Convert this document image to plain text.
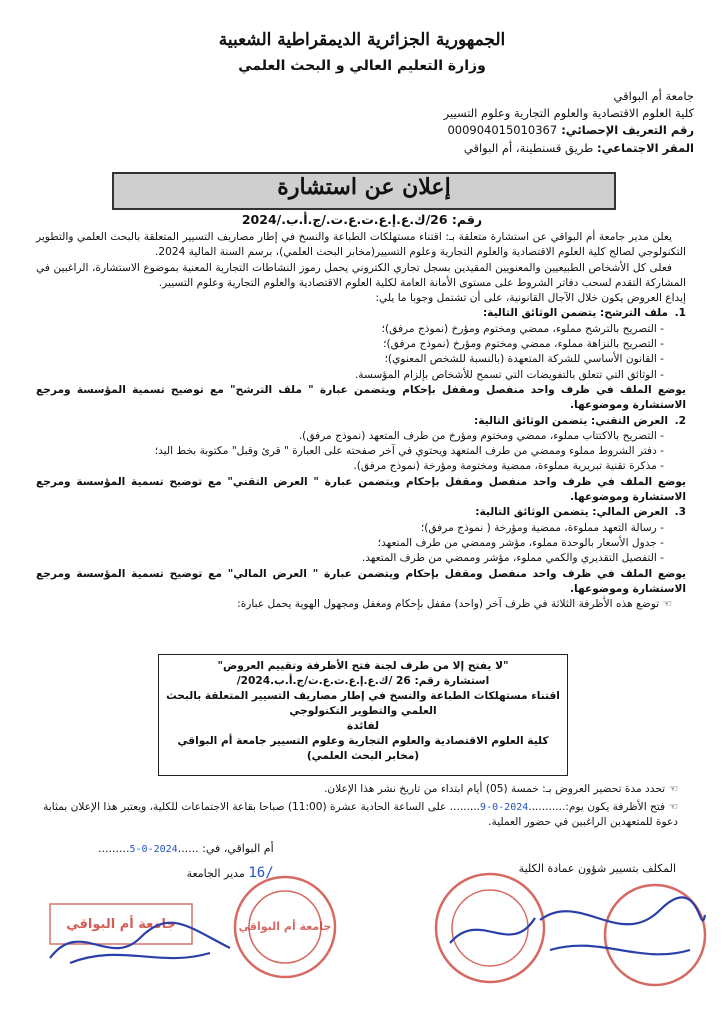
الجمهورية الجزائرية الديمقراطية الشعبية
وزارة التعليم العالي و البحث العلمي
جامعة أم البواقي
كلية العلوم الاقتصادية والعلوم التجارية وعلوم التسيير
رقم التعريف الإحصائي: 000904015010367
المقر الاجتماعي: طريق قسنطينة، أم البواقي
إعلان عن استشارة
رقم: 26/ك.ع.إ.ع.ت.ع.ت./ج.أ.ب./2024

يعلن مدير جامعة أم البواقي عن استشارة متعلقة بـ: اقتناء مستهلكات الطباعة والنسخ في إطار مصاريف التسيير المتعلقة بالبحث العلمي والتطوير التكنولوجي لصالح كلية العلوم الاقتصادية والعلوم التجارية وعلوم التسيير(مخابر البحث العلمي)، برسم السنة المالية 2024.

فعلى كل الأشخاص الطبيعيين والمعنويين المقيدين بسجل تجاري الكتروني يحمل رموز النشاطات التجارية المعنية بموضوع الاستشارة، الراغبين في المشاركة التقدم لسحب دفاتر الشروط على مستوى الأمانة العامة لكلية العلوم الاقتصادية والعلوم التجارية وعلوم التسيير.

إيداع العروض يكون خلال الآجال القانونية، على أن تشتمل وجوبا ما يلي:

1.ملف الترشح: يتضمن الوثائق التالية:

- التصريح بالترشح مملوء، ممضي ومختوم ومؤرخ (نموذج مرفق)؛

- التصريح بالنزاهة مملوء، ممضي ومختوم ومؤرخ (نموذج مرفق)؛

- القانون الأساسي للشركة المتعهدة (بالنسبة للشخص المعنوي)؛

- الوثائق التي تتعلق بالتفويضات التي تسمح للأشخاص بإلزام المؤسسة.

يوضع الملف في ظرف واحد منفصل ومقفل بإحكام ويتضمن عبارة " ملف الترشح" مع توضيح تسمية المؤسسة ومرجع الاستشارة وموضوعها.

2.العرض التقني: يتضمن الوثائق التالية:

- التصريح بالاكتتاب مملوء، ممضي ومختوم ومؤرخ من طرف المتعهد (نموذج مرفق).

- دفتر الشروط مملوء وممضي من طرف المتعهد ويحتوي في آخر صفحته على العبارة " قرئ وقبل" مكتوبة بخط اليد؛

- مذكرة تقنية تبريرية مملوءة، ممضية ومختومة ومؤرخة (نموذج مرفق).

يوضع الملف في ظرف واحد منفصل ومقفل بإحكام ويتضمن عبارة " العرض التقني" مع توضيح تسمية المؤسسة ومرجع الاستشارة وموضوعها.

3.العرض المالي: يتضمن الوثائق التالية:

- رسالة التعهد مملوءة، ممضية ومؤرخة ( نموذج مرفق)؛

- جدول الأسعار بالوحدة مملوء، مؤشر وممضي من طرف المتعهد؛

- التفصيل التقديري والكمي مملوء، مؤشر وممضي من طرف المتعهد.

يوضع الملف في ظرف واحد منفصل ومقفل بإحكام ويتضمن عبارة " العرض المالي" مع توضيح تسمية المؤسسة ومرجع الاستشارة وموضوعها.

☜ توضع هذه الأظرفة الثلاثة في ظرف آخر (واحد) مقفل بإحكام ومغفل ومجهول الهوية يحمل عبارة:

"لا يفتح إلا من طرف لجنة فتح الأظرفة وتقييم العروض"

استشارة رقم: 26 /ك.ع.إ.ع.ت.ع.ت/ج.أ.ب.2024/

اقتناء مستهلكات الطباعة والنسخ في إطار مصاريف التسيير المتعلقة بالبحث العلمي والتطوير التكنولوجي

لفائدة

كلية العلوم الاقتصادية والعلوم التجارية وعلوم التسيير جامعة أم البواقي

(مخابر البحث العلمي)

☜ تحدد مدة تحضير العروض بـ: خمسة (05) أيام ابتداء من تاريخ نشر هذا الإعلان.

☜ فتح الأظرفة يكون يوم:...........2024-0-9......... على الساعة الحادية عشرة (11:00) صباحا بقاعة الاجتماعات للكلية، ويعتبر هذا الإعلان بمثابة دعوة للمتعهدين الراغبين في حضور العملية.

أم البواقي، في: ......2024-0-5.........
/16 مدير الجامعة	المكلف بتسيير شؤون عمادة الكلية
جامعة أم البواقي
جامعة أم البواقي
